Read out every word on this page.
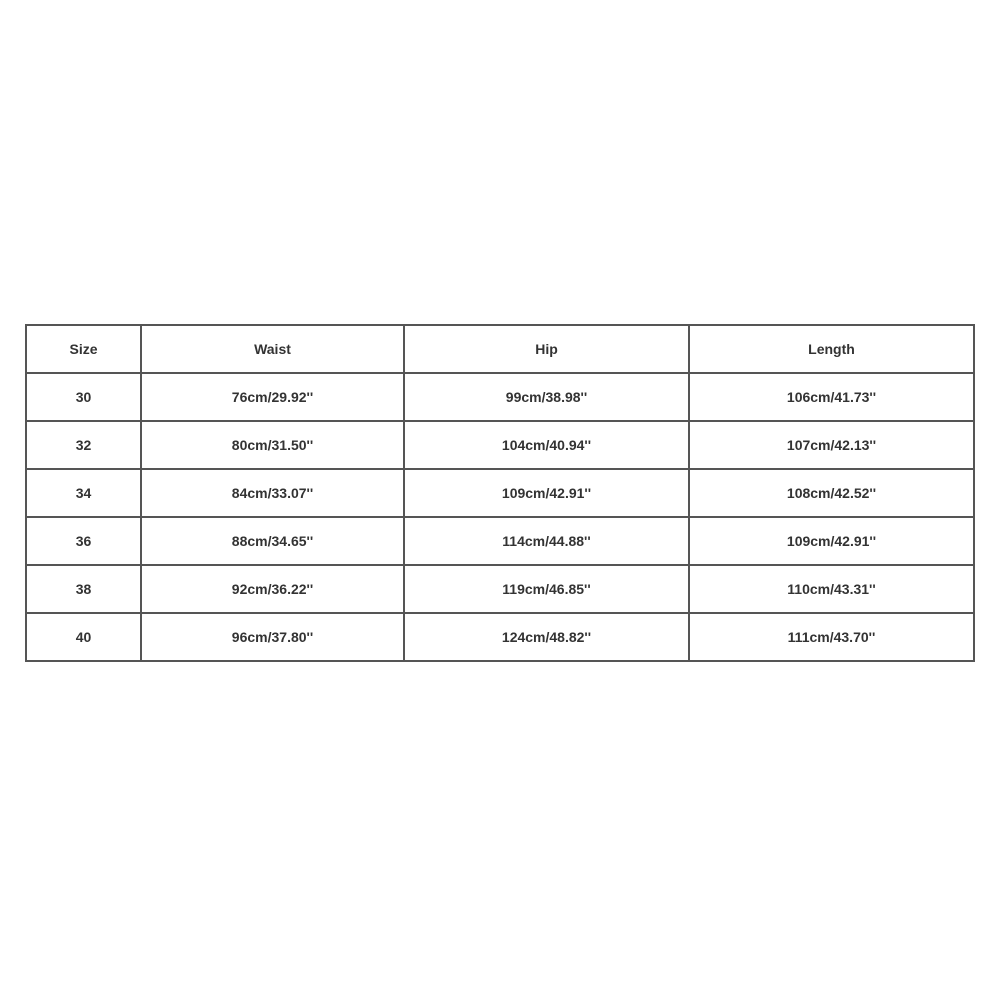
Size	Waist	Hip	Length
30	76cm/29.92''	99cm/38.98''	106cm/41.73''
32	80cm/31.50''	104cm/40.94''	107cm/42.13''
34	84cm/33.07''	109cm/42.91''	108cm/42.52''
36	88cm/34.65''	114cm/44.88''	109cm/42.91''
38	92cm/36.22''	119cm/46.85''	110cm/43.31''
40	96cm/37.80''	124cm/48.82''	111cm/43.70''
